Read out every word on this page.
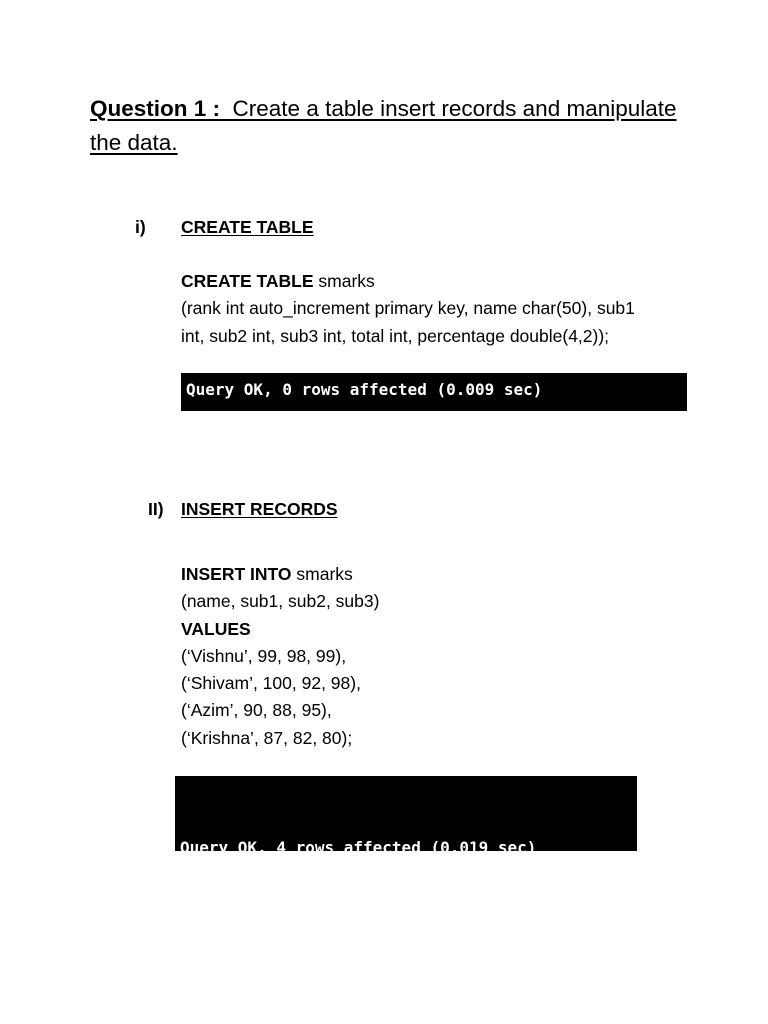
Question 1 : Create a table insert records and manipulate the data.
i) CREATE TABLE
CREATE TABLE smarks
(rank int auto_increment primary key, name char(50), sub1
int, sub2 int, sub3 int, total int, percentage double(4,2));
Query OK, 0 rows affected (0.009 sec)
II) INSERT RECORDS
INSERT INTO smarks
(name, sub1, sub2, sub3)
VALUES
(‘Vishnu’, 99, 98, 99),
(‘Shivam’, 100, 92, 98),
(‘Azim’, 90, 88, 95),
(‘Krishna’, 87, 82, 80);

Query OK, 4 rows affected (0.019 sec)

Records: 4  Duplicates: 0  Warnings: 0
